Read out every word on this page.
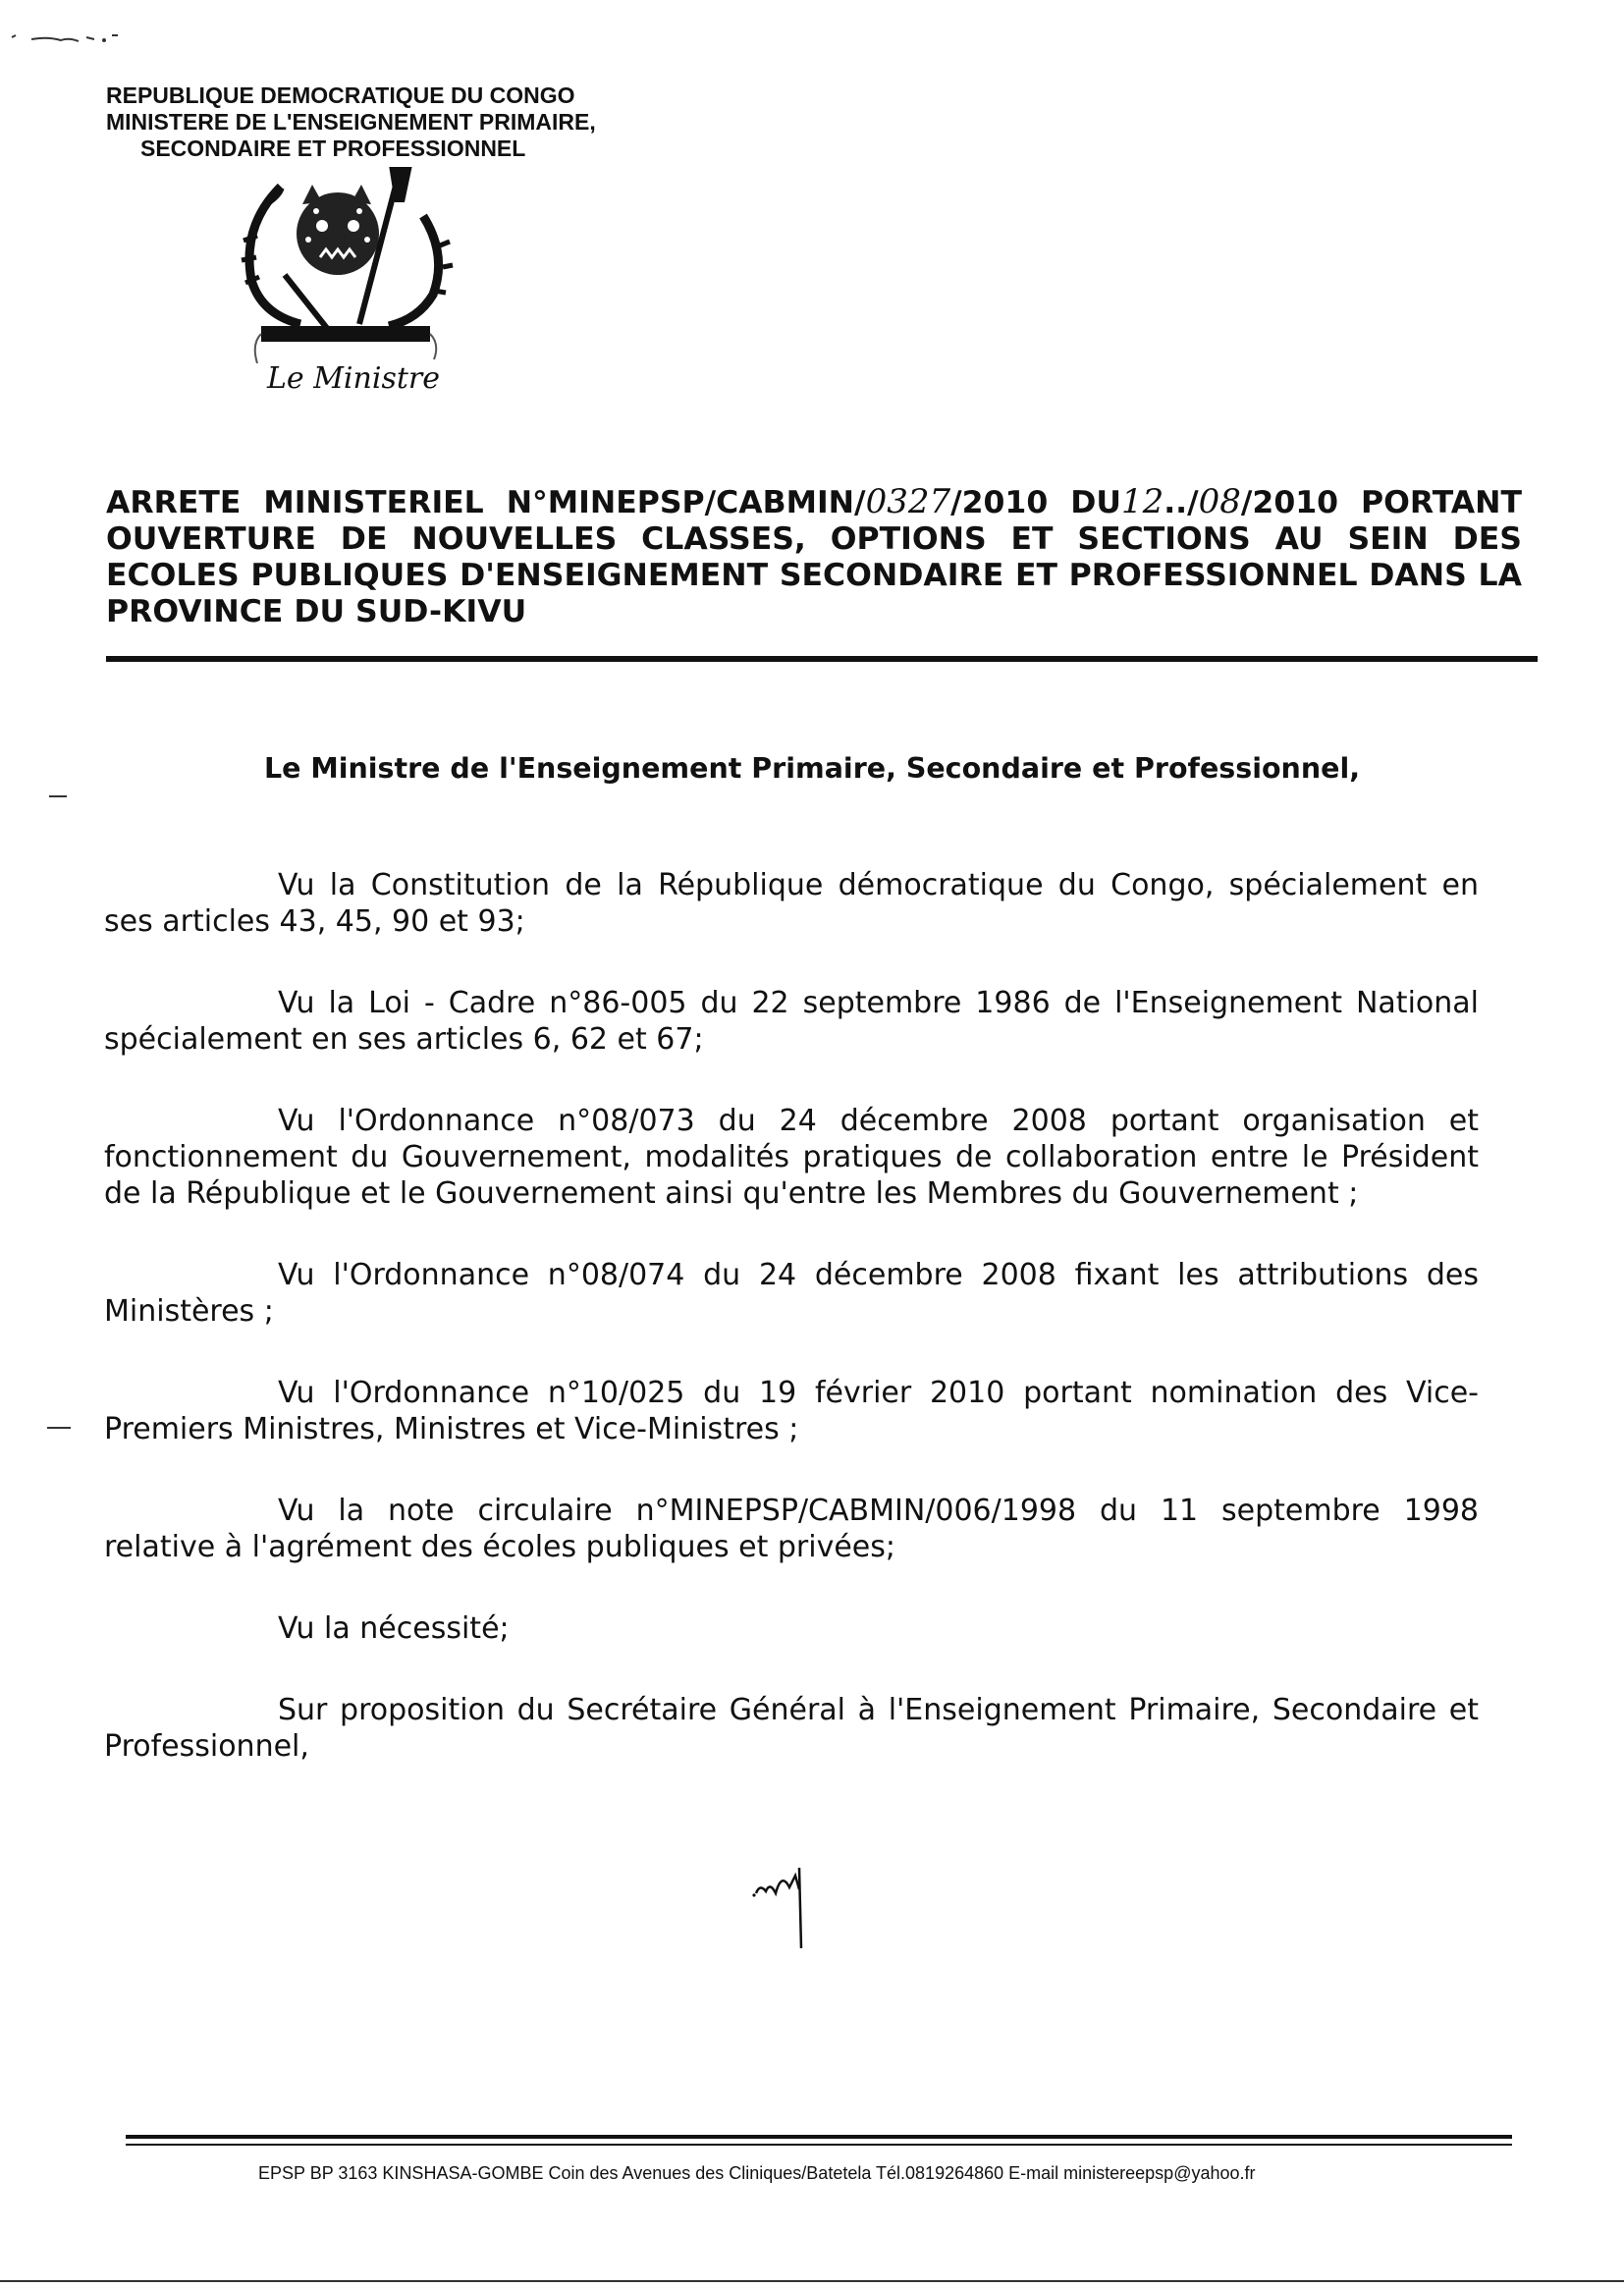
REPUBLIQUE DEMOCRATIQUE DU CONGO
MINISTERE DE L'ENSEIGNEMENT PRIMAIRE,
SECONDAIRE ET PROFESSIONNEL
Le Ministre
ARRETE MINISTERIEL N°MINEPSP/CABMIN/0327/2010 DU12../08/2010 PORTANT OUVERTURE DE NOUVELLES CLASSES, OPTIONS ET SECTIONS AU SEIN DES ECOLES PUBLIQUES D'ENSEIGNEMENT SECONDAIRE ET PROFESSIONNEL DANS LA PROVINCE DU SUD-KIVU
Le Ministre de l'Enseignement Primaire, Secondaire et Professionnel,

Vu la Constitution de la République démocratique du Congo, spécialement en ses articles 43, 45, 90 et 93;

Vu la Loi - Cadre n°86-005 du 22 septembre 1986 de l'Enseignement National spécialement en ses articles 6, 62 et 67;

Vu l'Ordonnance n°08/073 du 24 décembre 2008 portant organisation et fonctionnement du Gouvernement, modalités pratiques de collaboration entre le Président de la République et le Gouvernement ainsi qu'entre les Membres du Gouvernement ;

Vu l'Ordonnance n°08/074 du 24 décembre 2008 fixant les attributions des Ministères ;

Vu l'Ordonnance n°10/025 du 19 février 2010 portant nomination des Vice-Premiers Ministres, Ministres et Vice-Ministres ;

Vu la note circulaire n°MINEPSP/CABMIN/006/1998 du 11 septembre 1998 relative à l'agrément des écoles publiques et privées;

Vu la nécessité;

Sur proposition du Secrétaire Général à l'Enseignement Primaire, Secondaire et Professionnel,

EPSP BP 3163 KINSHASA-GOMBE Coin des Avenues des Cliniques/Batetela Tél.0819264860 E-mail ministereepsp@yahoo.fr
